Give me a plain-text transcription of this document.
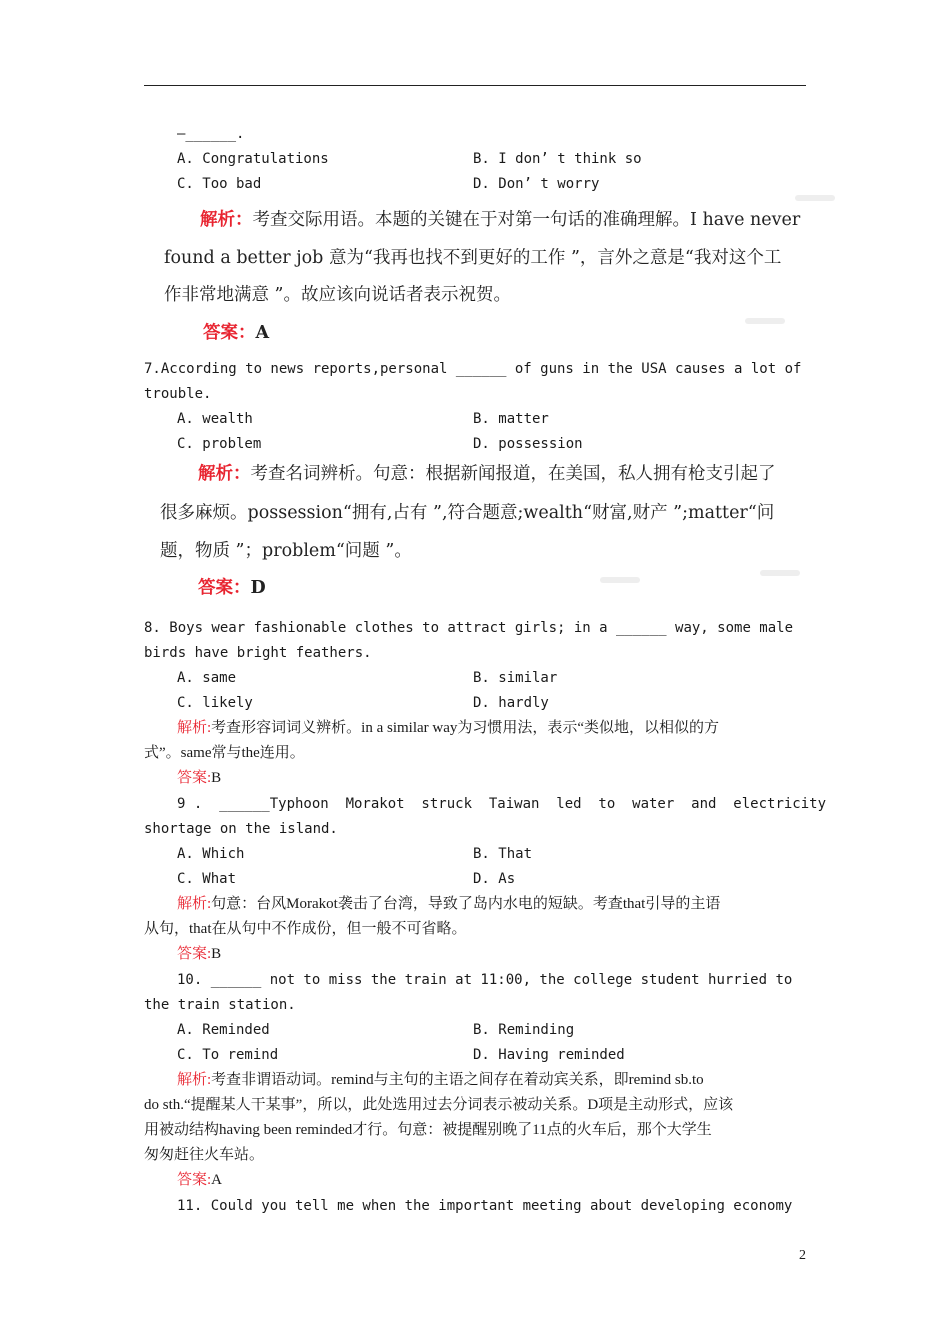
—______.
A. Congratulations	B. I don’ t think so
C. Too bad	D. Don’ t worry
解析：考查交际用语。本题的关键在于对第一句话的准确理解。I have never
found a better job 意为“我再也找不到更好的工作 ”，言外之意是“我对这个工
作非常地满意 ”。故应该向说话者表示祝贺。
答案：A
7.According to news reports,personal ______ of guns in the USA causes a lot of
trouble.
A. wealth	B. matter
C. problem	D. possession
解析：考查名词辨析。句意：根据新闻报道，在美国，私人拥有枪支引起了
很多麻烦。possession“拥有,占有 ”,符合题意;wealth“财富,财产 ”;matter“问
题，物质 ”；problem“问题 ”。
答案：D
8. Boys wear fashionable clothes to attract girls; in a ______ way, some male
birds have bright feathers.
A. same	B. similar
C. likely	D. hardly
解析:考查形容词词义辨析。in a similar way为习惯用法，表示“类似地，以相似的方
式”。same常与the连用。
答案:B
9 .  ______Typhoon  Morakot  struck  Taiwan  led  to  water  and  electricity
shortage on the island.
A. Which	B. That
C. What	D. As
解析:句意：台风Morakot袭击了台湾，导致了岛内水电的短缺。考查that引导的主语
从句，that在从句中不作成份，但一般不可省略。
答案:B
10. ______ not to miss the train at 11:00, the college student hurried to
the train station.
A. Reminded	B. Reminding
C. To remind	D. Having reminded
解析:考查非谓语动词。remind与主句的主语之间存在着动宾关系，即remind sb.to
do sth.“提醒某人干某事”，所以，此处选用过去分词表示被动关系。D项是主动形式，应该
用被动结构having been reminded才行。句意：被提醒别晚了11点的火车后，那个大学生
匆匆赶往火车站。
答案:A
11. Could you tell me when the important meeting about developing economy
2
